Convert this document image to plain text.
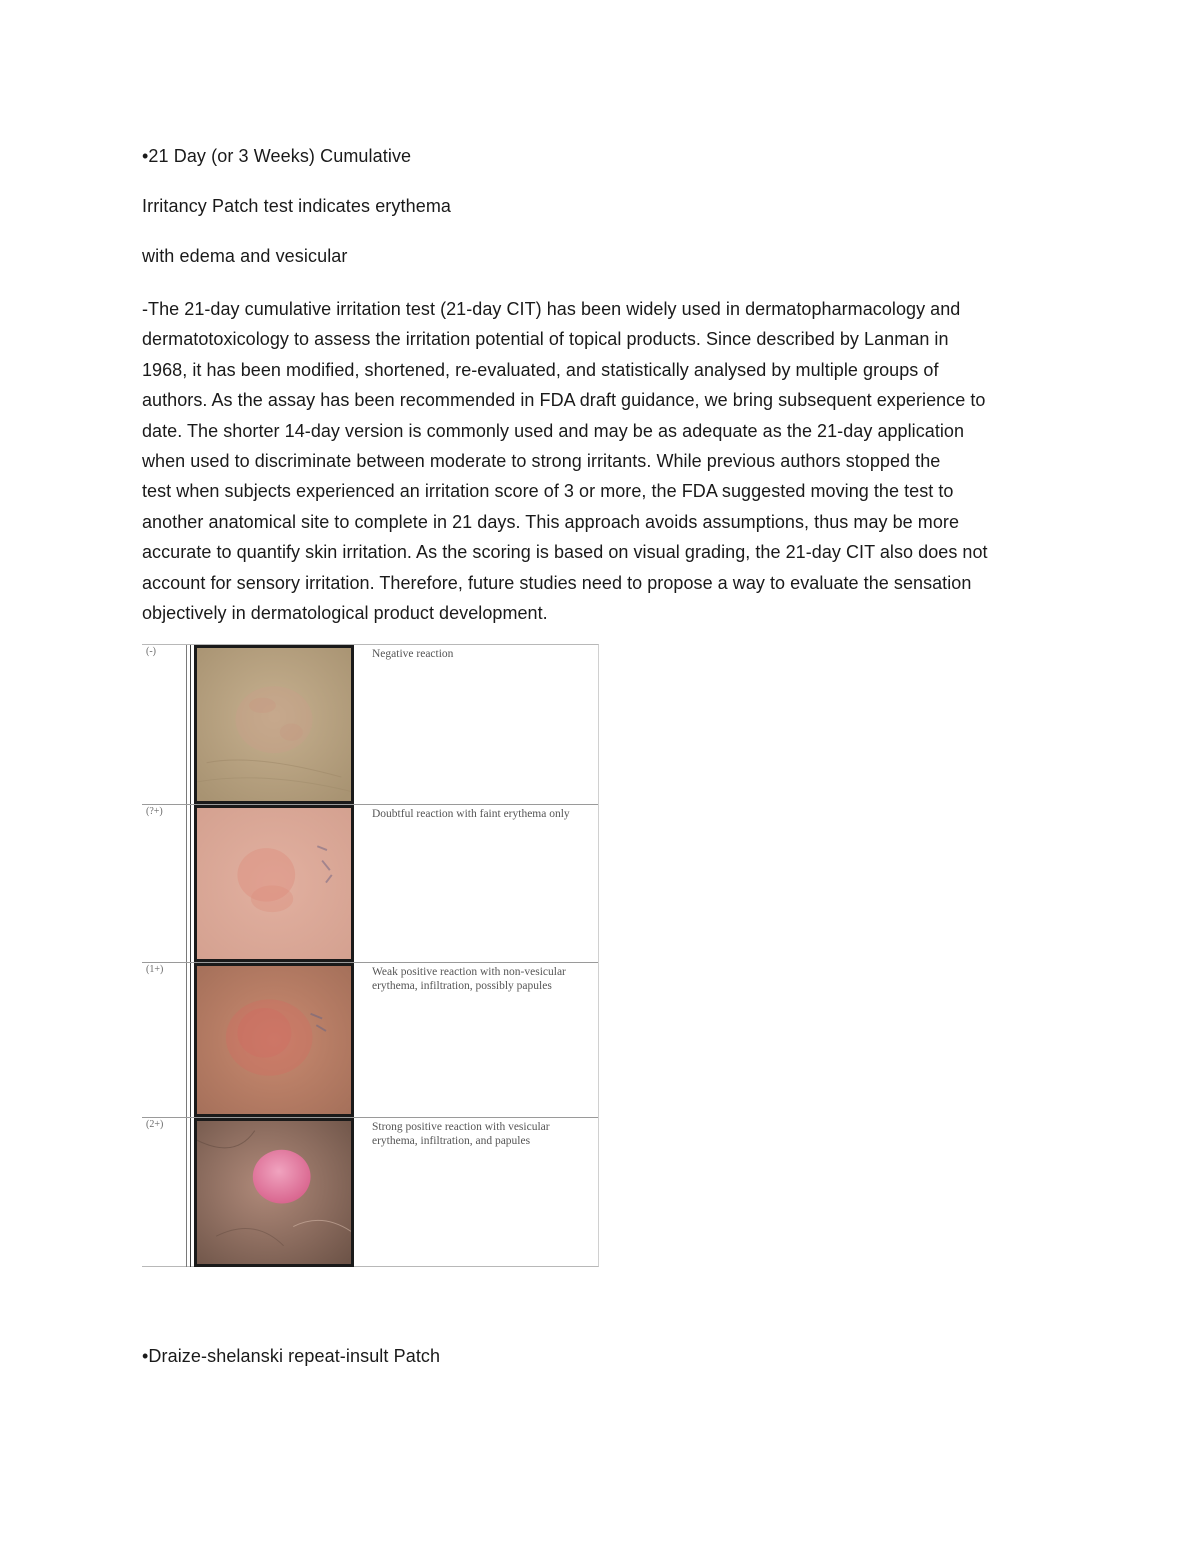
•21 Day (or 3 Weeks) Cumulative
Irritancy Patch test indicates erythema
with edema and vesicular
-The 21-day cumulative irritation test (21-day CIT) has been widely used in dermatopharmacology and
dermatotoxicology to assess the irritation potential of topical products. Since described by Lanman in
1968, it has been modified, shortened, re-evaluated, and statistically analysed by multiple groups of
authors. As the assay has been recommended in FDA draft guidance, we bring subsequent experience to
date. The shorter 14-day version is commonly used and may be as adequate as the 21-day application
when used to discriminate between moderate to strong irritants. While previous authors stopped the
test when subjects experienced an irritation score of 3 or more, the FDA suggested moving the test to
another anatomical site to complete in 21 days. This approach avoids assumptions, thus may be more
accurate to quantify skin irritation. As the scoring is based on visual grading, the 21-day CIT also does not
account for sensory irritation. Therefore, future studies need to propose a way to evaluate the sensation
objectively in dermatological product development.
(-)	Negative reaction
(?+)	Doubtful reaction with faint erythema only
(1+)	Weak positive reaction with non-vesicular erythema, infiltration, possibly papules
(2+)	Strong positive reaction with vesicular erythema, infiltration, and papules
•Draize-shelanski repeat-insult Patch
